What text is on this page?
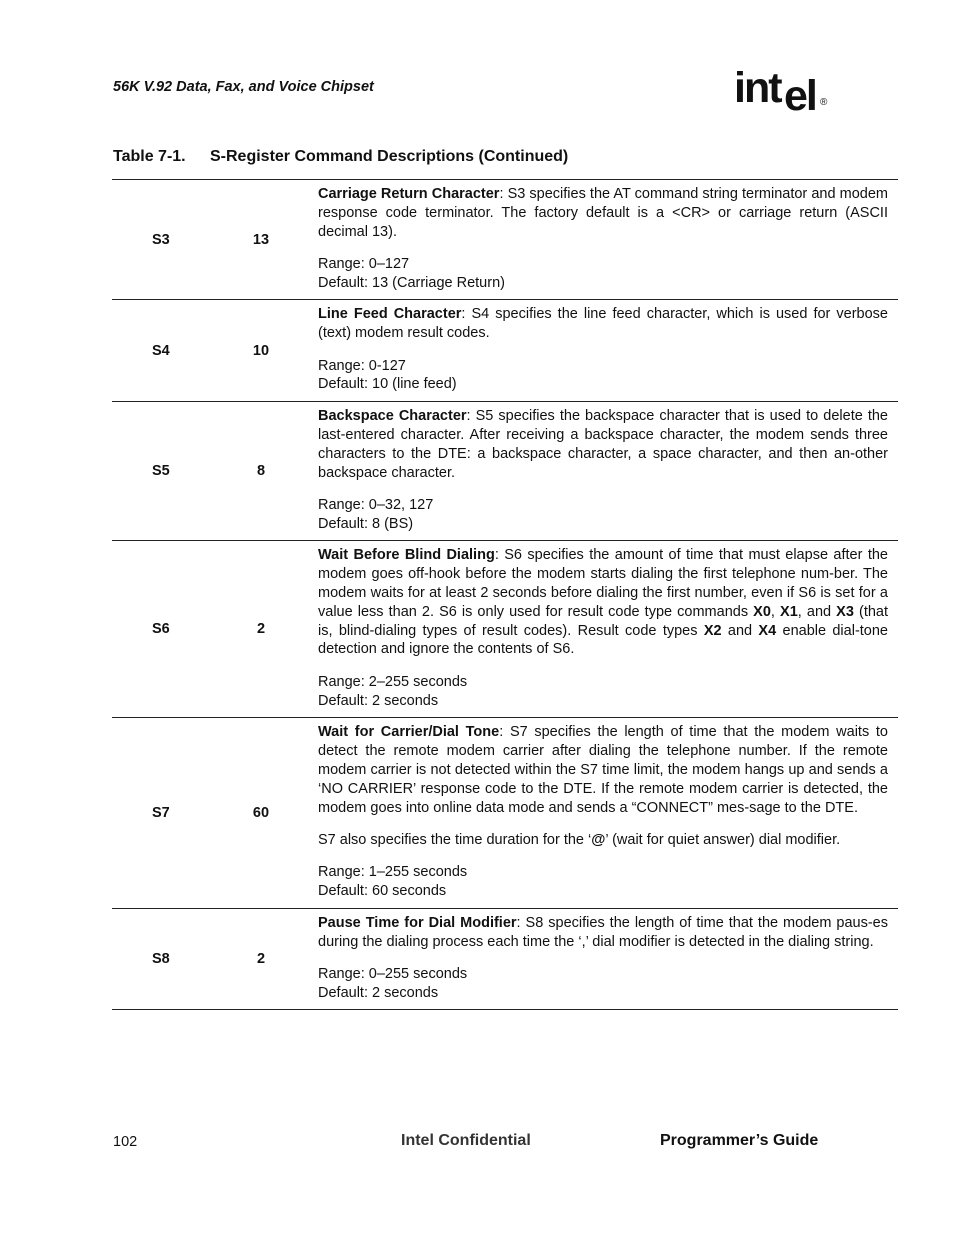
56K V.92 Data, Fax, and Voice Chipset	int el ®
Table 7-1. S-Register Command Descriptions (Continued)
S3	13

Carriage Return Character: S3 specifies the AT command string terminator and modem response code terminator. The factory default is a <CR> or carriage return (ASCII decimal 13).

Range: 0–127
Default: 13 (Carriage Return)

S4	10

Line Feed Character: S4 specifies the line feed character, which is used for verbose (text) modem result codes.

Range: 0-127
Default: 10 (line feed)

S5	8

Backspace Character: S5 specifies the backspace character that is used to delete the last-entered character. After receiving a backspace character, the modem sends three characters to the DTE: a backspace character, a space character, and then an-other backspace character.

Range: 0–32, 127
Default: 8 (BS)

S6	2

Wait Before Blind Dialing: S6 specifies the amount of time that must elapse after the modem goes off-hook before the modem starts dialing the first telephone num-ber. The modem waits for at least 2 seconds before dialing the first number, even if S6 is set for a value less than 2. S6 is only used for result code type commands X0, X1, and X3 (that is, blind-dialing types of result codes). Result code types X2 and X4 enable dial-tone detection and ignore the contents of S6.

Range: 2–255 seconds
Default: 2 seconds

S7	60

Wait for Carrier/Dial Tone: S7 specifies the length of time that the modem waits to detect the remote modem carrier after dialing the telephone number. If the remote modem carrier is not detected within the S7 time limit, the modem hangs up and sends a ‘NO CARRIER’ response code to the DTE. If the remote modem carrier is detected, the modem goes into online data mode and sends a “CONNECT” mes-sage to the DTE.

S7 also specifies the time duration for the ‘@’ (wait for quiet answer) dial modifier.

Range: 1–255 seconds
Default: 60 seconds

S8	2

Pause Time for Dial Modifier: S8 specifies the length of time that the modem paus-es during the dialing process each time the ‘,’ dial modifier is detected in the dialing string.

Range: 0–255 seconds
Default: 2 seconds

102	Intel Confidential	Programmer’s Guide
